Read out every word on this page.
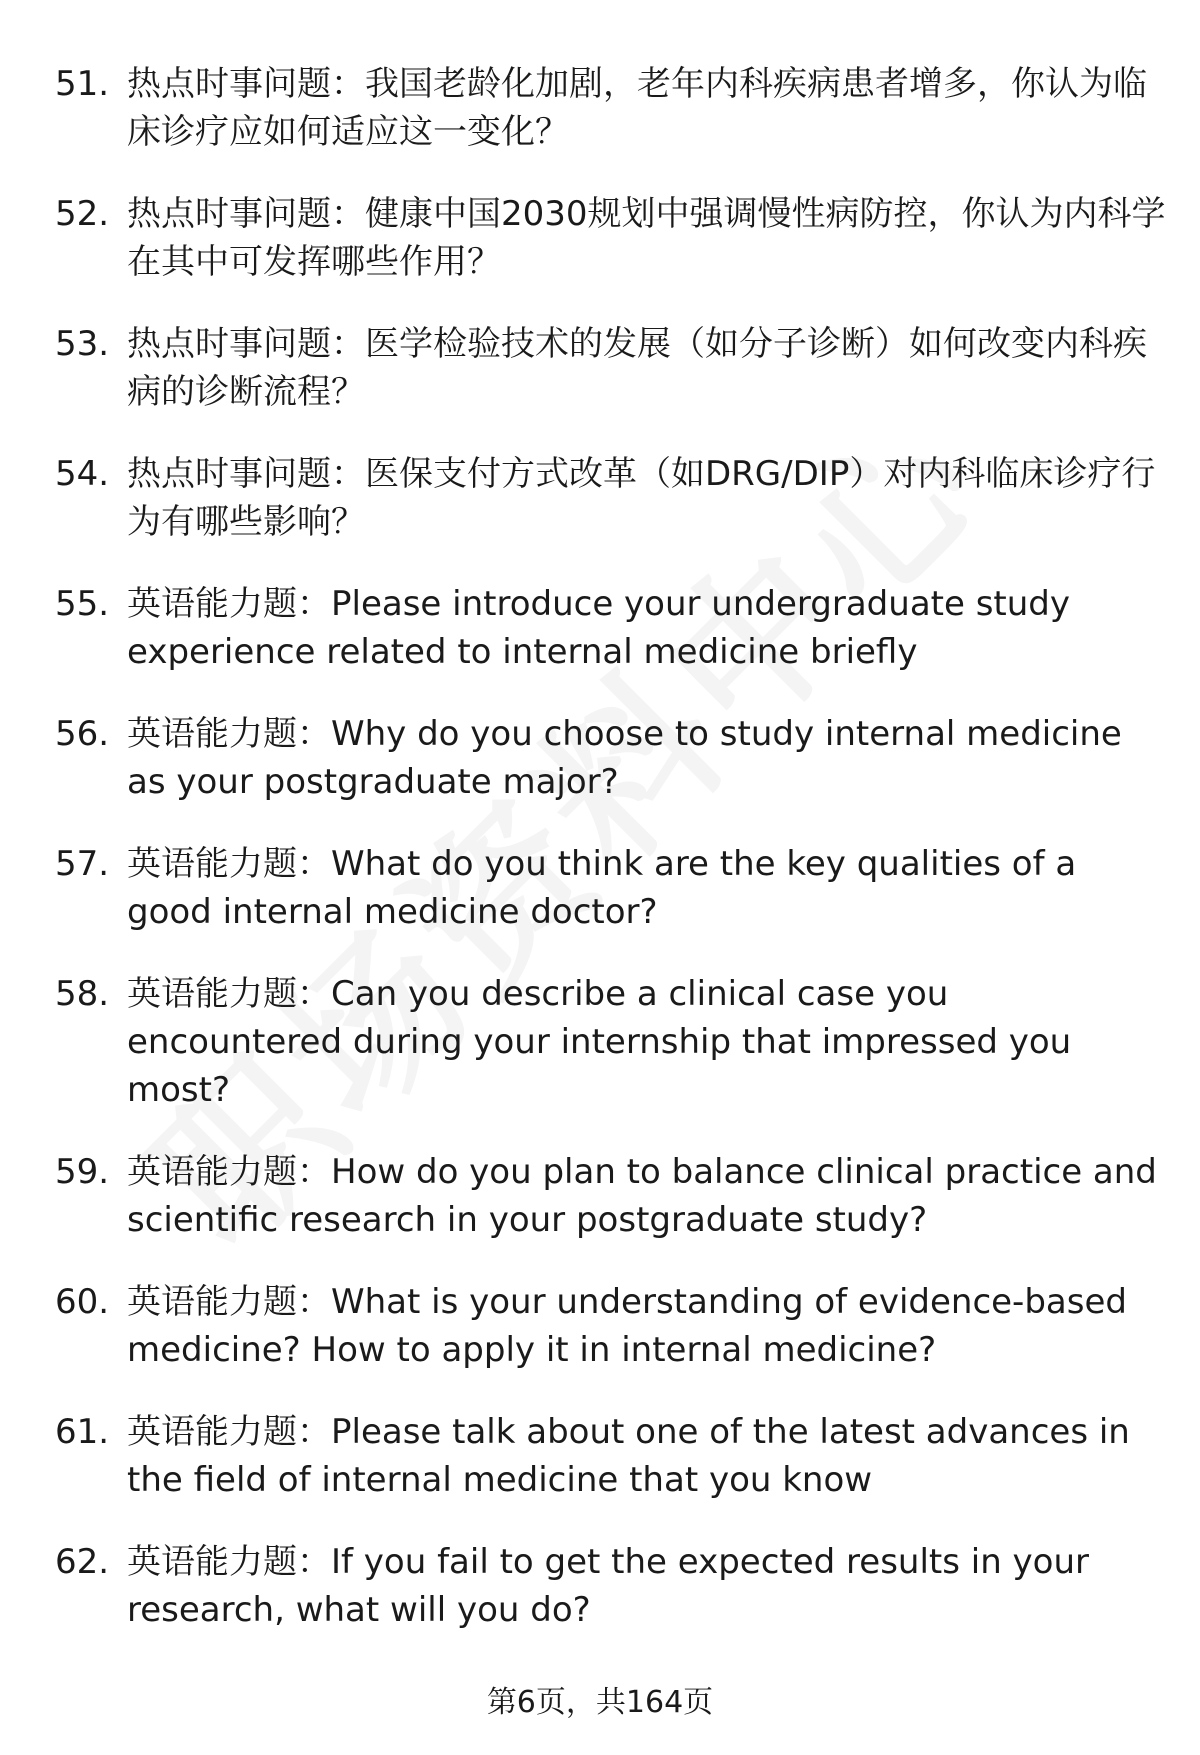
51. 热点时事问题：我国老龄化加剧，老年内科疾病患者增多，你认为临床诊疗应如何适应这一变化？
52. 热点时事问题：健康中国2030规划中强调慢性病防控，你认为内科学在其中可发挥哪些作用？
53. 热点时事问题：医学检验技术的发展（如分子诊断）如何改变内科疾病的诊断流程？
54. 热点时事问题：医保支付方式改革（如DRG/DIP）对内科临床诊疗行为有哪些影响？
55. 英语能力题：Please introduce your undergraduate study experience related to internal medicine briefly
56. 英语能力题：Why do you choose to study internal medicine as your postgraduate major?
57. 英语能力题：What do you think are the key qualities of a good internal medicine doctor?
58. 英语能力题：Can you describe a clinical case you encountered during your internship that impressed you most?
59. 英语能力题：How do you plan to balance clinical practice and scientific research in your postgraduate study?
60. 英语能力题：What is your understanding of evidence-based medicine? How to apply it in internal medicine?
61. 英语能力题：Please talk about one of the latest advances in the field of internal medicine that you know
62. 英语能力题：If you fail to get the expected results in your research, what will you do?
第6页，共164页
